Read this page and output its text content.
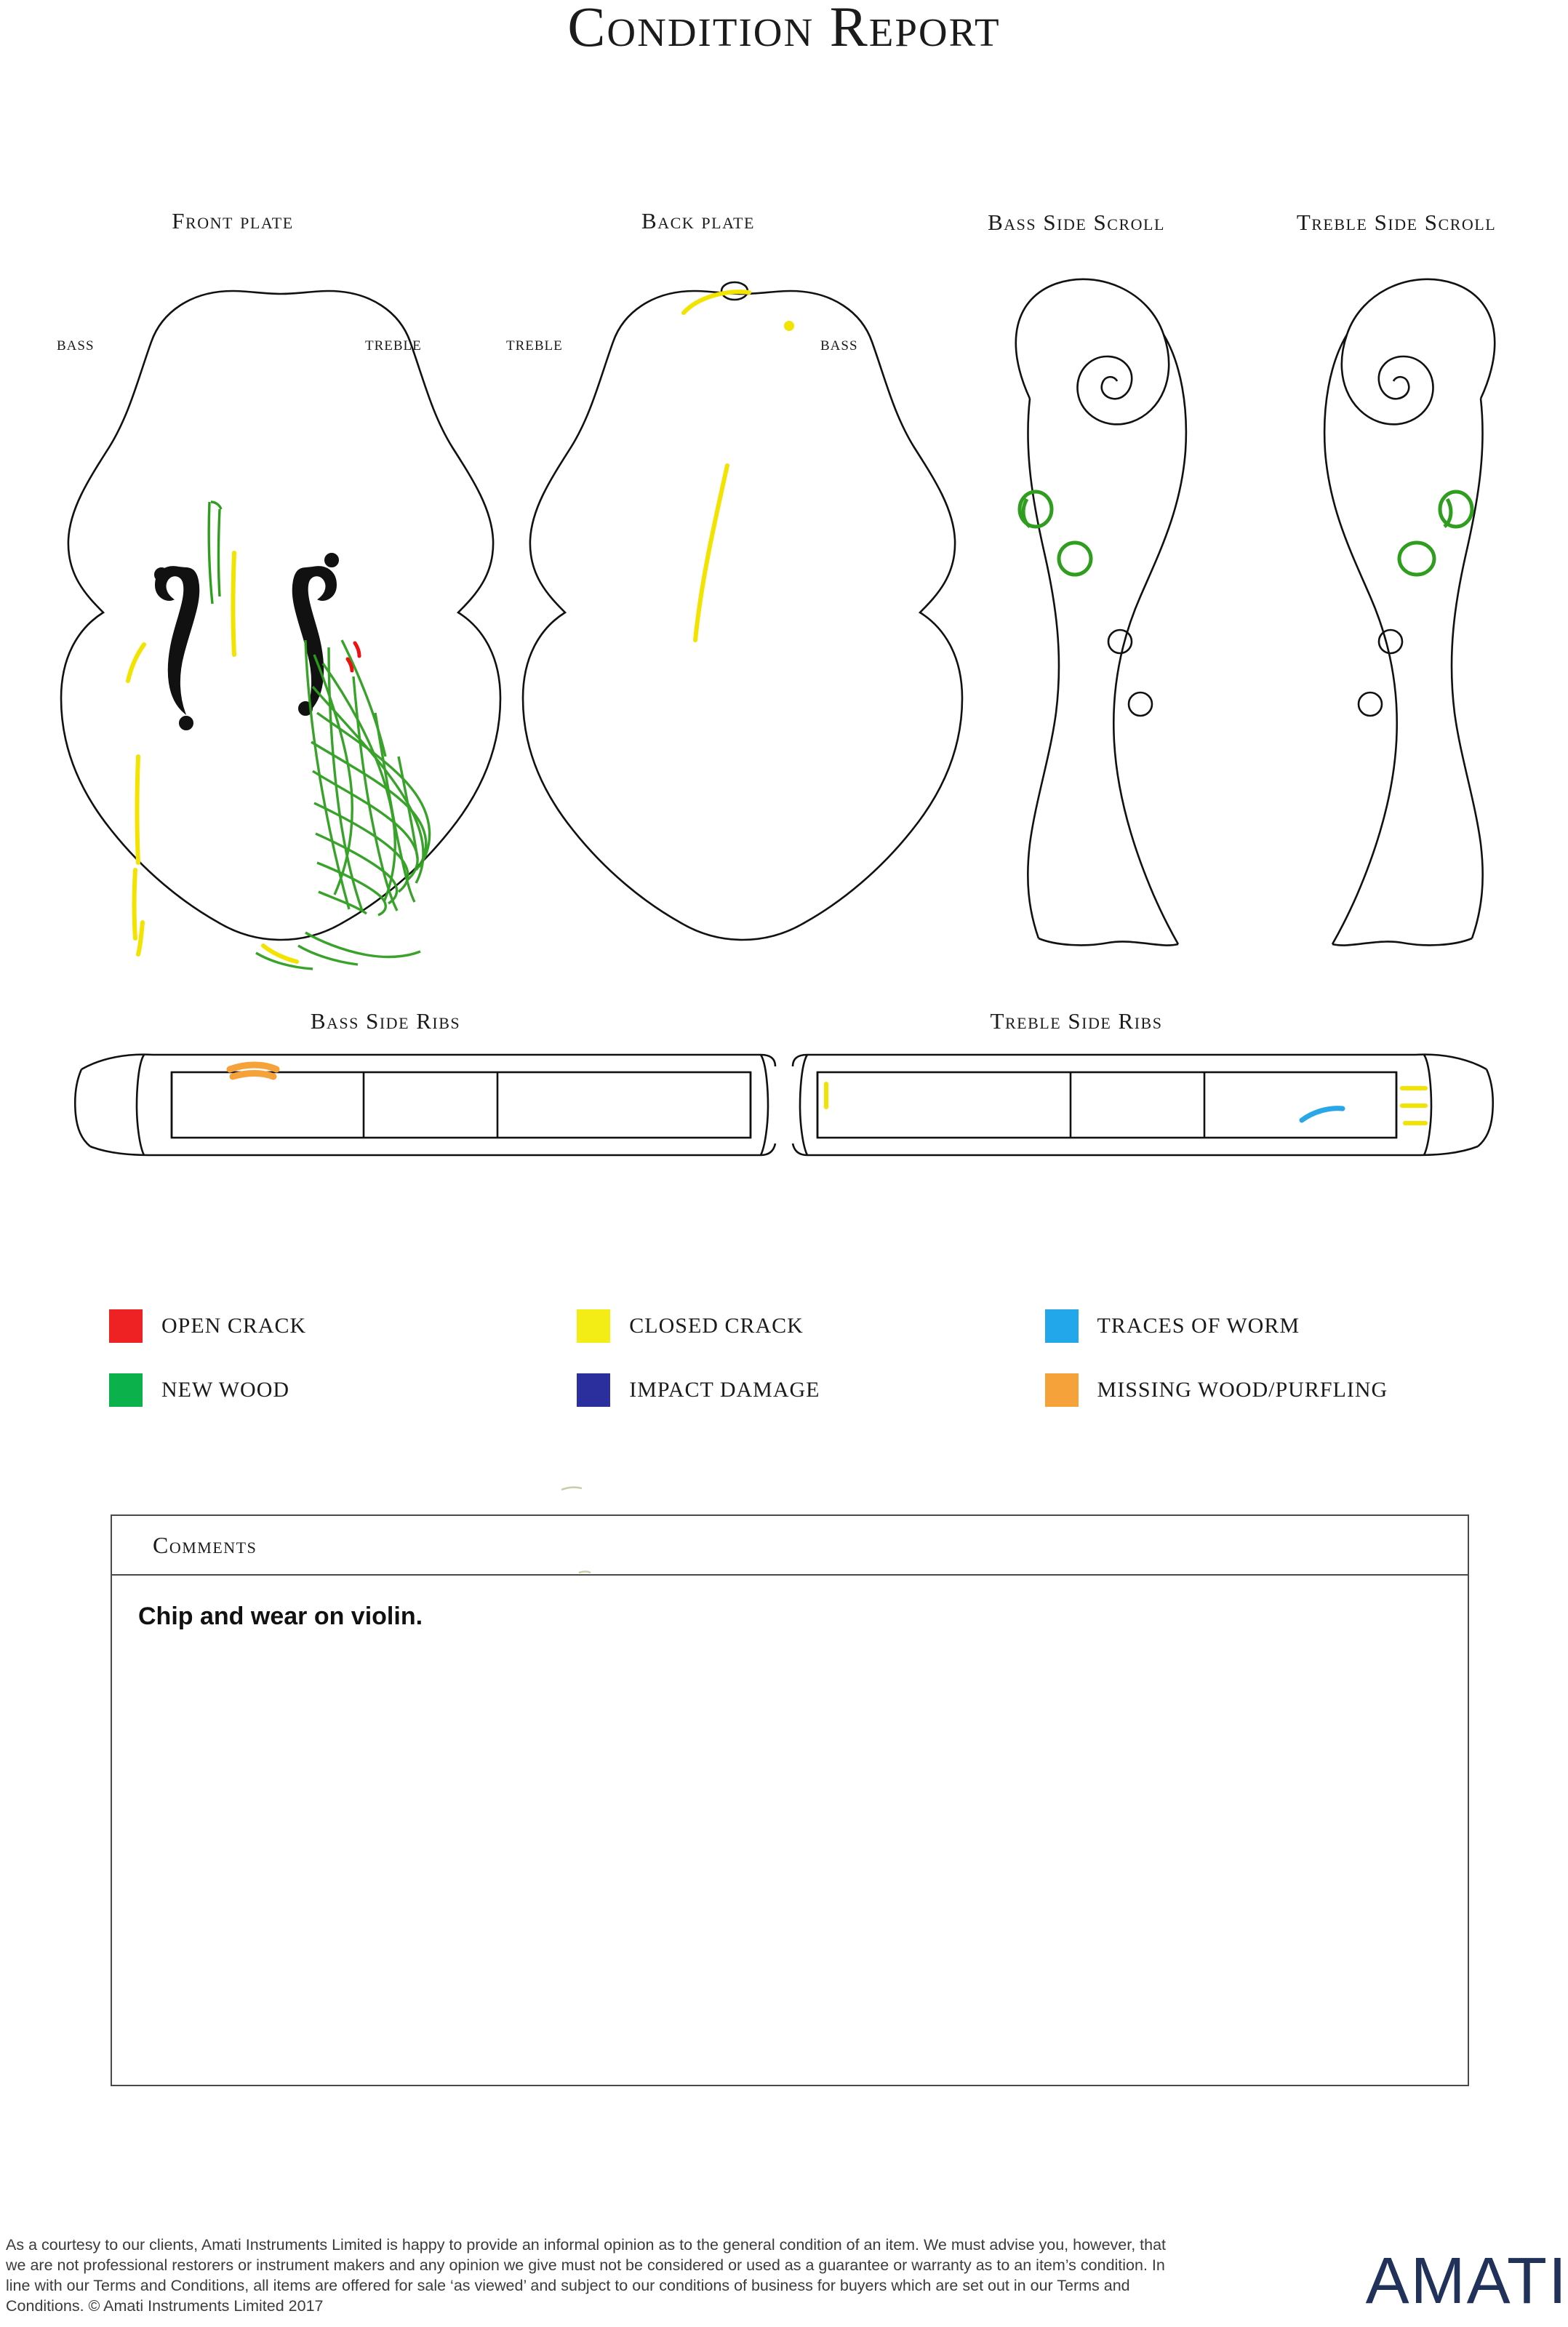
Condition Report
Front plate	Back plate	Bass Side Scroll	Treble Side Scroll
BASS	TREBLE	TREBLE	BASS
Bass Side Ribs	Treble Side Ribs
OPEN CRACK	CLOSED CRACK	TRACES OF WORM
NEW WOOD	IMPACT DAMAGE	MISSING WOOD/PURFLING
Comments
Chip and wear on violin.
As a courtesy to our clients, Amati Instruments Limited is happy to provide an informal opinion as to the general condition of an item. We must advise you, however, that we are not professional restorers or instrument makers and any opinion we give must not be considered or used as a guarantee or warranty as to an item’s condition. In line with our Terms and Conditions, all items are offered for sale ‘as viewed’ and subject to our conditions of business for buyers which are set out in our Terms and Conditions. © Amati Instruments Limited 2017	AMATI
